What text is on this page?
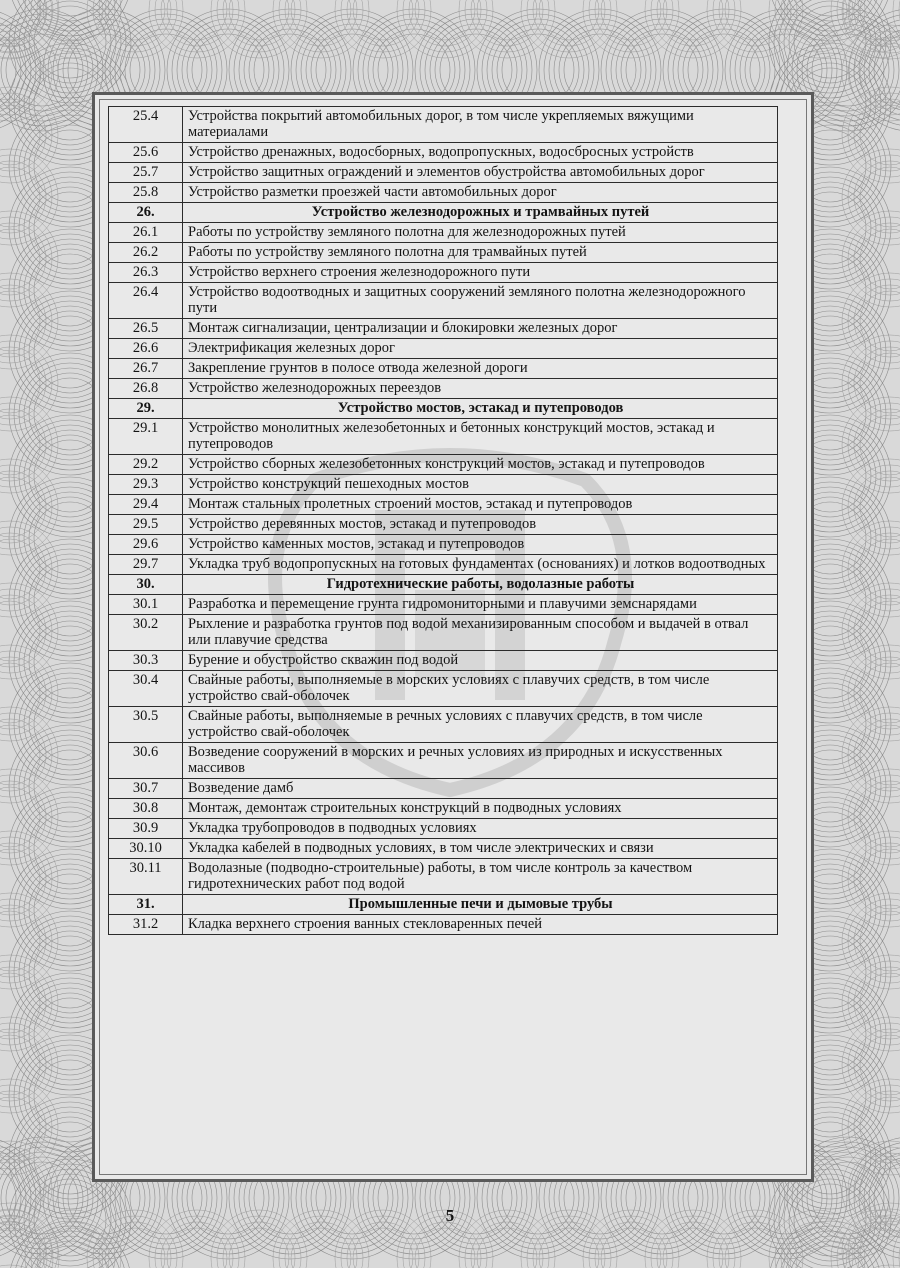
25.4	Устройства покрытий автомобильных дорог, в том числе укрепляемых вяжущими материалами
25.6	Устройство дренажных, водосборных, водопропускных, водосбросных устройств
25.7	Устройство защитных ограждений и элементов обустройства автомобильных дорог
25.8	Устройство разметки проезжей части автомобильных дорог
26.	Устройство железнодорожных и трамвайных путей
26.1	Работы по устройству земляного полотна для железнодорожных путей
26.2	Работы по устройству земляного полотна для трамвайных путей
26.3	Устройство верхнего строения железнодорожного пути
26.4	Устройство водоотводных и защитных сооружений земляного полотна железнодорожного пути
26.5	Монтаж сигнализации, централизации и блокировки железных дорог
26.6	Электрификация железных дорог
26.7	Закрепление грунтов в полосе отвода железной дороги
26.8	Устройство железнодорожных переездов
29.	Устройство мостов, эстакад и путепроводов
29.1	Устройство монолитных железобетонных и бетонных конструкций мостов, эстакад и путепроводов
29.2	Устройство сборных железобетонных конструкций мостов, эстакад и путепроводов
29.3	Устройство конструкций пешеходных мостов
29.4	Монтаж стальных пролетных строений мостов, эстакад и путепроводов
29.5	Устройство деревянных мостов, эстакад и путепроводов
29.6	Устройство каменных мостов, эстакад и путепроводов
29.7	Укладка труб водопропускных на готовых фундаментах (основаниях) и лотков водоотводных
30.	Гидротехнические работы, водолазные работы
30.1	Разработка и перемещение грунта гидромониторными и плавучими земснарядами
30.2	Рыхление и разработка грунтов под водой механизированным способом и выдачей в отвал или плавучие средства
30.3	Бурение и обустройство скважин под водой
30.4	Свайные работы, выполняемые в морских условиях с плавучих средств, в том числе устройство свай-оболочек
30.5	Свайные работы, выполняемые в речных условиях с плавучих средств, в том числе устройство свай-оболочек
30.6	Возведение сооружений в морских и речных условиях из природных и искусственных массивов
30.7	Возведение дамб
30.8	Монтаж, демонтаж строительных конструкций в подводных условиях
30.9	Укладка трубопроводов в подводных условиях
30.10	Укладка кабелей в подводных условиях, в том числе электрических и связи
30.11	Водолазные (подводно-строительные) работы, в том числе контроль за качеством гидротехнических работ под водой
31.	Промышленные печи и дымовые трубы
31.2	Кладка верхнего строения ванных стекловаренных печей
5
